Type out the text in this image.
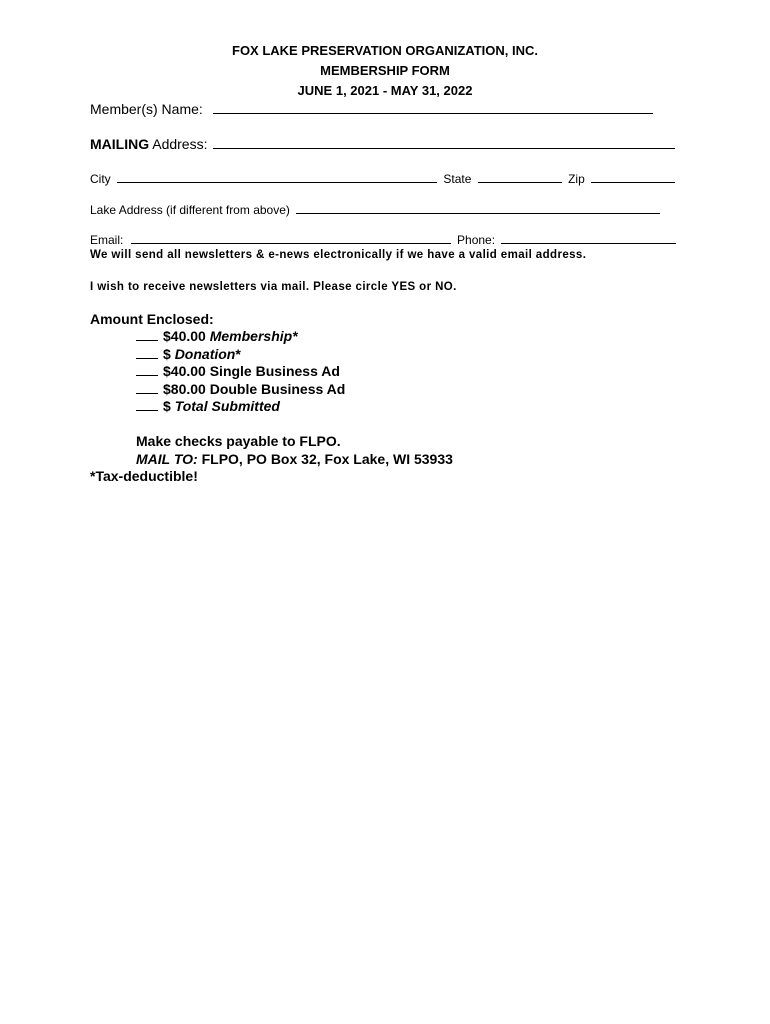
FOX LAKE PRESERVATION ORGANIZATION, INC.
MEMBERSHIP FORM
JUNE 1, 2021 - MAY 31, 2022
Member(s) Name:
MAILING Address:
City	State	Zip
Lake Address (if different from above)
Email:	Phone:
We will send all newsletters & e-news electronically if we have a valid email address.
I wish to receive newsletters via mail. Please circle YES or NO.
Amount Enclosed:
$40.00 Membership*
$ Donation*
$40.00 Single Business Ad
$80.00 Double Business Ad
$ Total Submitted
Make checks payable to FLPO.
MAIL TO: FLPO, PO Box 32, Fox Lake, WI 53933
*Tax-deductible!
